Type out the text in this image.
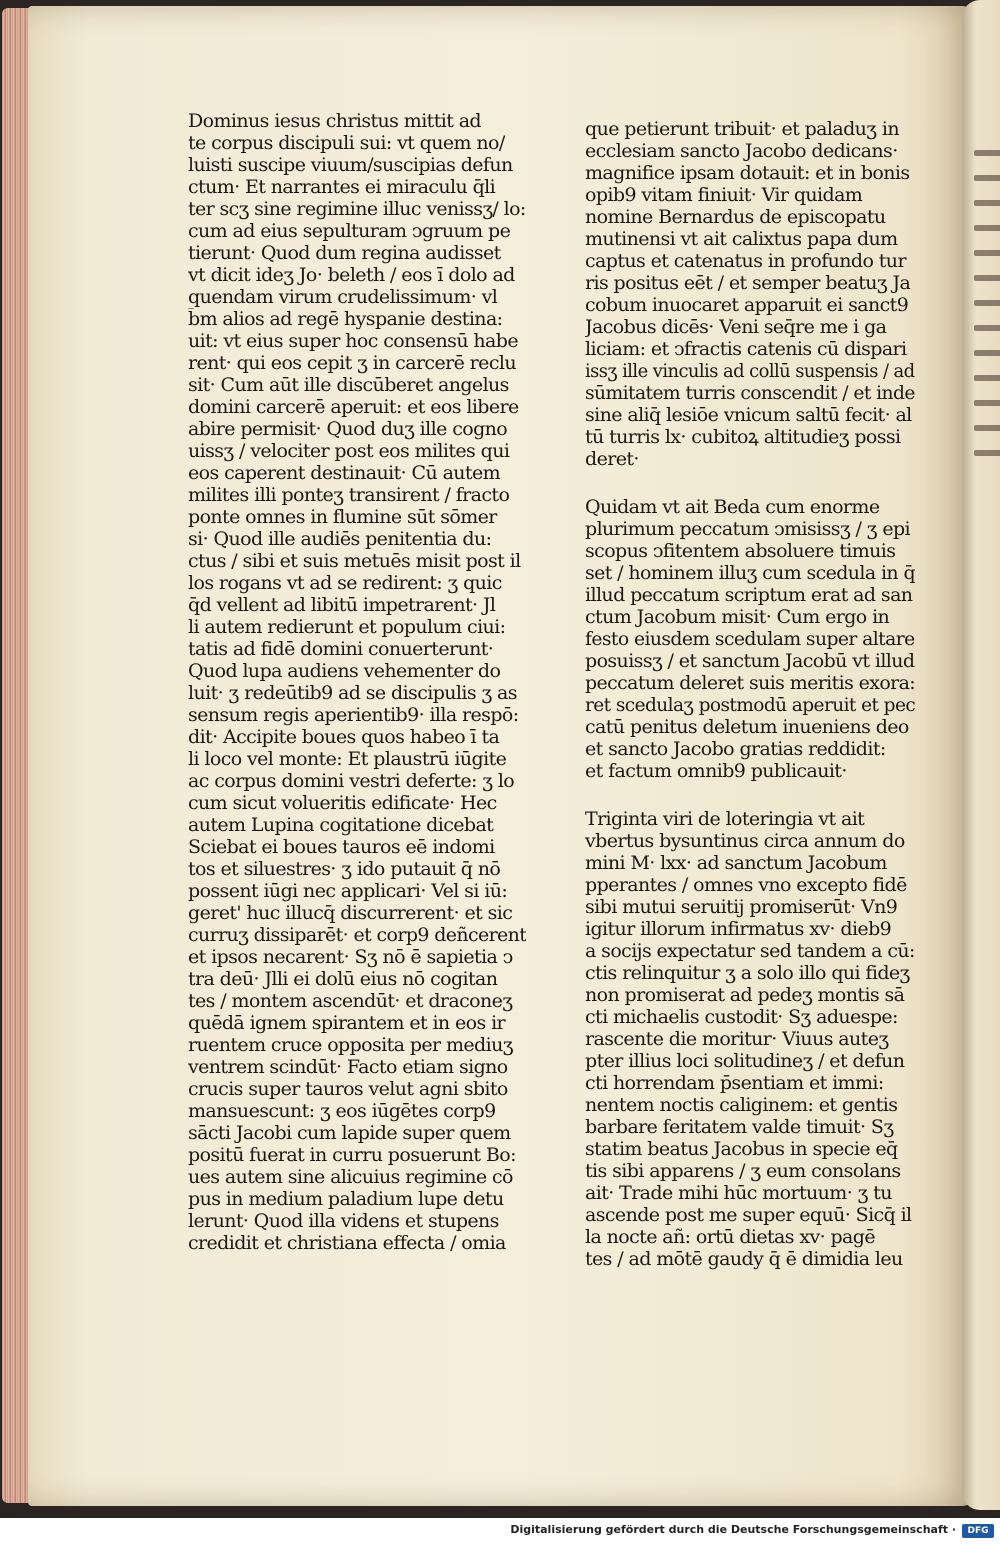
Dominus iesus christus mittit ad
te corpus discipuli sui: vt quem no/
luisti suscipe viuum/suscipias defun
ctum· Et narrantes ei miraculu q̄li
ter scʒ sine regimine illuc venissʒ/ lo:
cum ad eius sepulturam ↄgruum pe
tierunt· Quod dum regina audisset
vt dicit ideʒ Jo· beleth / eos ī dolo ad
quendam virum crudelissimum· vl
b̄m alios ad regē hyspanie destina:
uit: vt eius super hoc consensū habe
rent· qui eos cepit ʒ in carcerē reclu
sit· Cum aūt ille discūberet angelus
domini carcerē aperuit: et eos libere
abire permisit· Quod duʒ ille cogno
uissʒ / velociter post eos milites qui
eos caperent destinauit· Cū autem
milites illi ponteʒ transirent / fracto
ponte omnes in flumine sūt sōmer
si· Quod ille audiēs penitentia du:
ctus / sibi et suis metuēs misit post il
los rogans vt ad se redirent: ʒ quic
q̄d vellent ad libitū impetrarent· Jl
li autem redierunt et populum ciui:
tatis ad fidē domini conuerterunt·
Quod lupa audiens vehementer do
luit· ʒ redeūtib9 ad se discipulis ʒ as
sensum regis aperientib9· illa respō:
dit· Accipite boues quos habeo ī ta
li loco vel monte: Et plaustrū iūgite
ac corpus domini vestri deferte: ʒ lo
cum sicut volueritis edificate· Hec
autem Lupina cogitatione dicebat
Sciebat ei boues tauros eē indomi
tos et siluestres· ʒ ido putauit q̄ nō
possent iūgi nec applicari· Vel si iū:
geret' huc illucq̄ discurrerent· et sic
curruʒ dissiparēt· et corp9 deñcerent
et ipsos necarent· Sʒ nō ē sapietia ↄ
tra deū· Jlli ei dolū eius nō cogitan
tes / montem ascendūt· et draconeʒ
quēdā ignem spirantem et in eos ir
ruentem cruce opposita per mediuʒ
ventrem scindūt· Facto etiam signo
crucis super tauros velut agni sbito
mansuescunt: ʒ eos iūgētes corp9
sācti Jacobi cum lapide super quem
positū fuerat in curru posuerunt Bo:
ues autem sine alicuius regimine cō
pus in medium paladium lupe detu
lerunt· Quod illa videns et stupens
credidit et christiana effecta / omia
que petierunt tribuit· et paladuʒ in
ecclesiam sancto Jacobo dedicans·
magnifice ipsam dotauit: et in bonis
opib9 vitam finiuit· Vir quidam
nomine Bernardus de episcopatu
mutinensi vt ait calixtus papa dum
captus et catenatus in profundo tur
ris positus eēt / et semper beatuʒ Ja
cobum inuocaret apparuit ei sanct9
Jacobus dicēs· Veni seq̄re me i ga
liciam: et ↄfractis catenis cū dispari
issʒ ille vinculis ad collū suspensis / ad
sūmitatem turris conscendit / et inde
sine aliq̄ lesiōe vnicum saltū fecit· al
tū turris lx· cubitoꝝ altitudieʒ possi
deret·
Quidam vt ait Beda cum enorme
plurimum peccatum ↄmisissʒ / ʒ epi
scopus ↄfitentem absoluere timuis
set / hominem illuʒ cum scedula in q̄
illud peccatum scriptum erat ad san
ctum Jacobum misit· Cum ergo in
festo eiusdem scedulam super altare
posuissʒ / et sanctum Jacobū vt illud
peccatum deleret suis meritis exora:
ret scedulaʒ postmodū aperuit et pec
catū penitus deletum inueniens deo
et sancto Jacobo gratias reddidit:
et factum omnib9 publicauit·
Triginta viri de loteringia vt ait
vbertus bysuntinus circa annum do
mini M· lxx· ad sanctum Jacobum
pperantes / omnes vno excepto fidē
sibi mutui seruitij promiserūt· Vn9
igitur illorum infirmatus xv· dieb9
a socijs expectatur sed tandem a cū:
ctis relinquitur ʒ a solo illo qui fideʒ
non promiserat ad pedeʒ montis sā
cti michaelis custodit· Sʒ aduespe:
rascente die moritur· Viuus auteʒ
pter illius loci solitudineʒ / et defun
cti horrendam p̄sentiam et immi:
nentem noctis caliginem: et gentis
barbare feritatem valde timuit· Sʒ
statim beatus Jacobus in specie eq̄
tis sibi apparens / ʒ eum consolans
ait· Trade mihi hūc mortuum· ʒ tu
ascende post me super equū· Sicq̄ il
la nocte añ: ortū dietas xv· pagē
tes / ad mōtē gaudy q̄ ē dimidia leu
Digitalisierung gefördert durch die Deutsche Forschungsgemeinschaft ·	DFG
